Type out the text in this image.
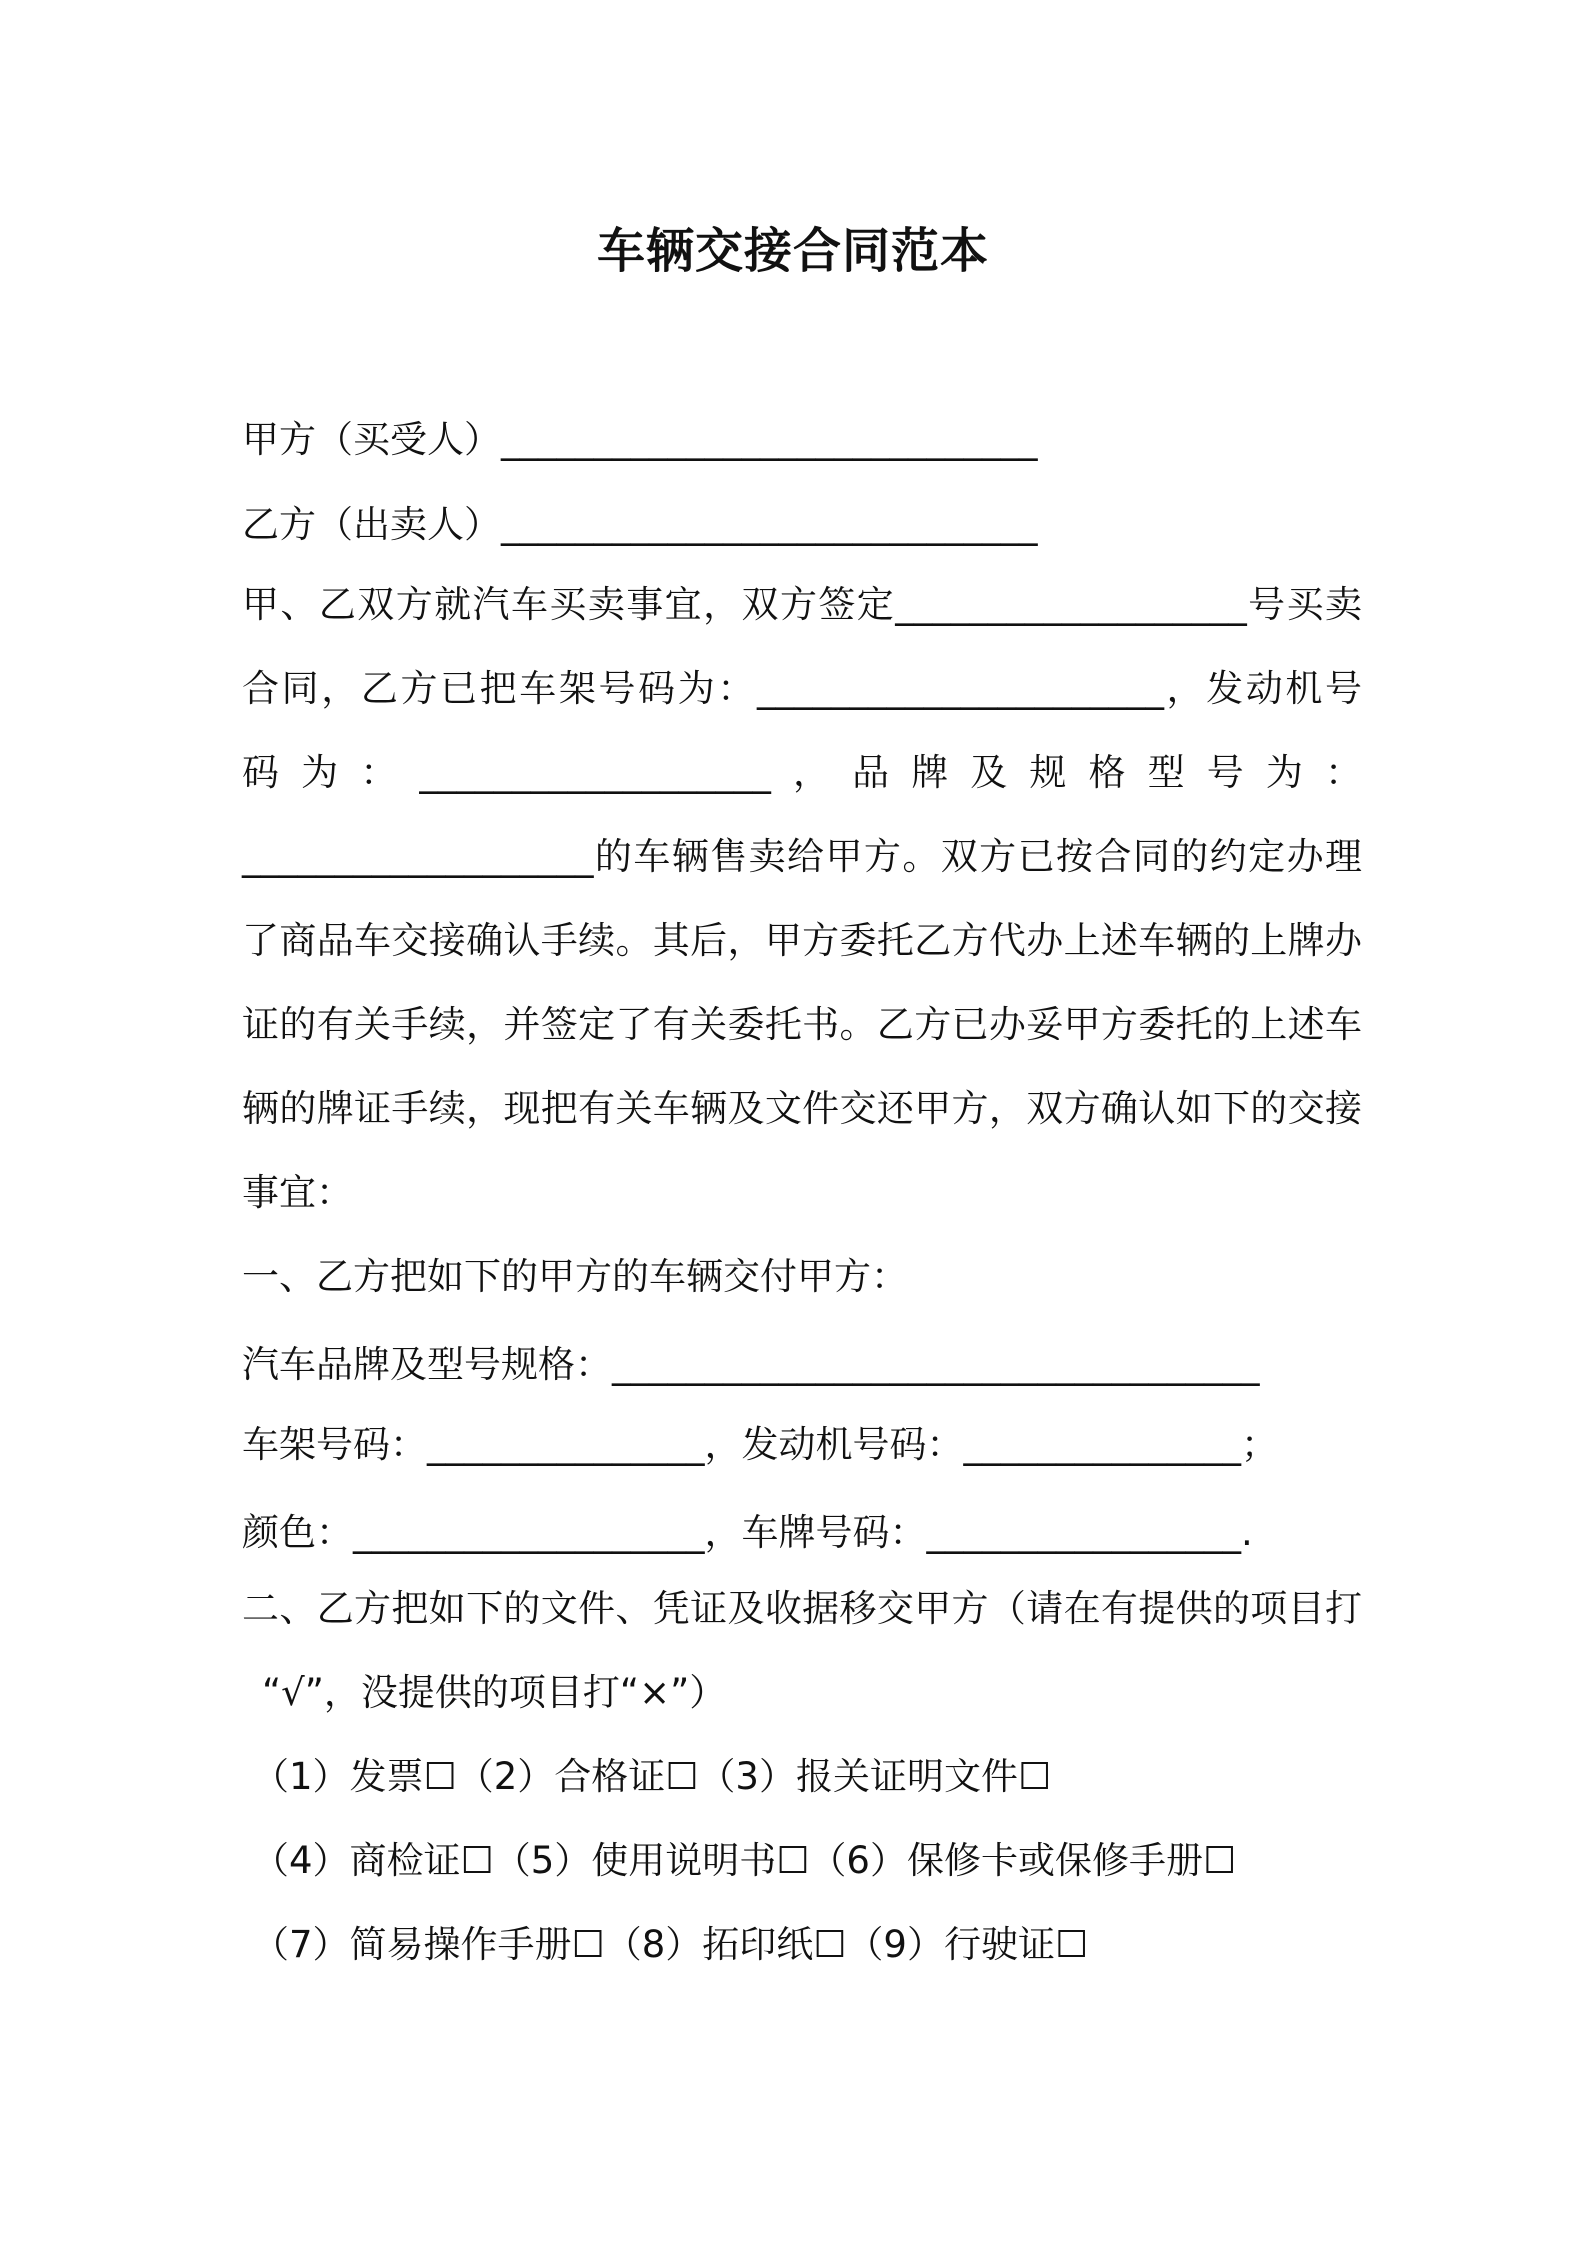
车辆交接合同范本
甲方（买受人）_____________________________
乙方（出卖人）_____________________________
甲、乙双方就汽车买卖事宜，双方签定___________________号买卖
合同，乙方已把车架号码为：______________________，发动机号
码为：___________________，品牌及规格型号为：
___________________的车辆售卖给甲方。双方已按合同的约定办理
了商品车交接确认手续。其后，甲方委托乙方代办上述车辆的上牌办
证的有关手续，并签定了有关委托书。乙方已办妥甲方委托的上述车
辆的牌证手续，现把有关车辆及文件交还甲方，双方确认如下的交接
事宜：
一、乙方把如下的甲方的车辆交付甲方：
汽车品牌及型号规格：___________________________________
车架号码：_______________，发动机号码：_______________；
颜色：___________________，车牌号码：_________________.
二、乙方把如下的文件、凭证及收据移交甲方（请在有提供的项目打
“√”，没提供的项目打“×”）
（1）发票☐（2）合格证☐（3）报关证明文件☐
（4）商检证☐（5）使用说明书☐（6）保修卡或保修手册☐
（7）简易操作手册☐（8）拓印纸☐（9）行驶证☐
